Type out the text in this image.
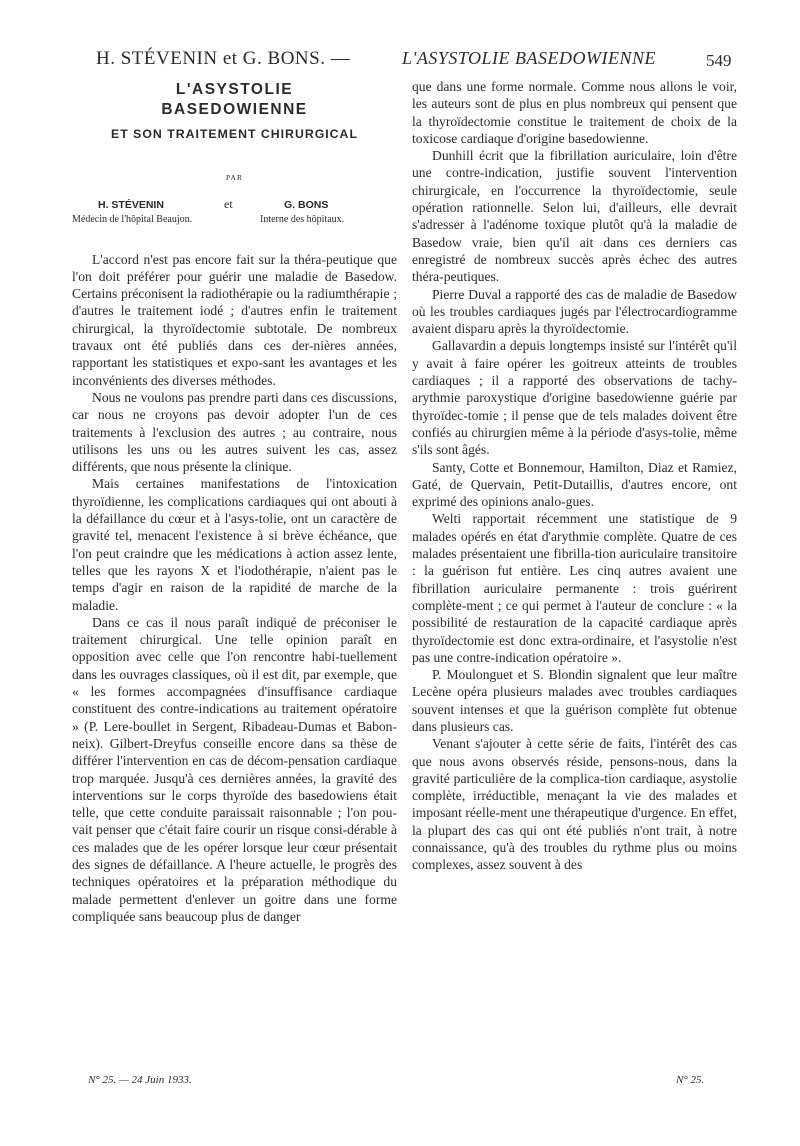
H. STÉVENIN et G. BONS. —	L'ASYSTOLIE BASEDOWIENNE	549
L'ASYSTOLIE
BASEDOWIENNE
ET SON TRAITEMENT CHIRURGICAL
PAR
H. STÉVENIN	et	G. BONS
Médecin de l'hôpital Beaujon.	Interne des hôpitaux.

L'accord n'est pas encore fait sur la théra-peutique que l'on doit préférer pour guérir une maladie de Basedow. Certains préconisent la radiothérapie ou la radiumthérapie ; d'autres le traitement iodé ; d'autres enfin le traitement chirurgical, la thyroïdectomie subtotale. De nombreux travaux ont été publiés dans ces der-nières années, rapportant les statistiques et expo-sant les avantages et les inconvénients des diverses méthodes.

Nous ne voulons pas prendre parti dans ces discussions, car nous ne croyons pas devoir adopter l'un de ces traitements à l'exclusion des autres ; au contraire, nous utilisons les uns ou les autres suivent les cas, assez différents, que nous présente la clinique.

Mais certaines manifestations de l'intoxication thyroïdienne, les complications cardiaques qui ont abouti à la défaillance du cœur et à l'asys-tolie, ont un caractère de gravité tel, menacent l'existence à si brève échéance, que l'on peut craindre que les médications à action assez lente, telles que les rayons X et l'iodothérapie, n'aient pas le temps d'agir en raison de la rapidité de marche de la maladie.

Dans ce cas il nous paraît indiqué de préconiser le traitement chirurgical. Une telle opinion paraît en opposition avec celle que l'on rencontre habi-tuellement dans les ouvrages classiques, où il est dit, par exemple, que « les formes accompagnées d'insuffisance cardiaque constituent des contre-indications au traitement opératoire » (P. Lere-boullet in Sergent, Ribadeau-Dumas et Babon-neix). Gilbert-Dreyfus conseille encore dans sa thèse de différer l'intervention en cas de décom-pensation cardiaque trop marquée. Jusqu'à ces dernières années, la gravité des interventions sur le corps thyroïde des basedowiens était telle, que cette conduite paraissait raisonnable ; l'on pou-vait penser que c'était faire courir un risque consi-dérable à ces malades que de les opérer lorsque leur cœur présentait des signes de défaillance. A l'heure actuelle, le progrès des techniques opératoires et la préparation méthodique du malade permettent d'enlever un goitre dans une forme compliquée sans beaucoup plus de danger

que dans une forme normale. Comme nous allons le voir, les auteurs sont de plus en plus nombreux qui pensent que la thyroïdectomie constitue le traitement de choix de la toxicose cardiaque d'origine basedowienne.

Dunhill écrit que la fibrillation auriculaire, loin d'être une contre-indication, justifie souvent l'intervention chirurgicale, en l'occurrence la thyroïdectomie, seule opération rationnelle. Selon lui, d'ailleurs, elle devrait s'adresser à l'adénome toxique plutôt qu'à la maladie de Basedow vraie, bien qu'il ait dans ces derniers cas enregistré de nombreux succès après échec des autres théra-peutiques.

Pierre Duval a rapporté des cas de maladie de Basedow où les troubles cardiaques jugés par l'électrocardiogramme avaient disparu après la thyroïdectomie.

Gallavardin a depuis longtemps insisté sur l'intérêt qu'il y avait à faire opérer les goitreux atteints de troubles cardiaques ; il a rapporté des observations de tachy-arythmie paroxystique d'origine basedowienne guérie par thyroïdec-tomie ; il pense que de tels malades doivent être confiés au chirurgien même à la période d'asys-tolie, même s'ils sont âgés.

Santy, Cotte et Bonnemour, Hamilton, Diaz et Ramiez, Gaté, de Quervain, Petit-Dutaillis, d'autres encore, ont exprimé des opinions analo-gues.

Welti rapportait récemment une statistique de 9 malades opérés en état d'arythmie complète. Quatre de ces malades présentaient une fibrilla-tion auriculaire transitoire : la guérison fut entière. Les cinq autres avaient une fibrillation auriculaire permanente : trois guérirent complète-ment ; ce qui permet à l'auteur de conclure : « la possibilité de restauration de la capacité cardiaque après thyroïdectomie est donc extra-ordinaire, et l'asystolie n'est pas une contre-indication opératoire ».

P. Moulonguet et S. Blondin signalent que leur maître Lecène opéra plusieurs malades avec troubles cardiaques souvent intenses et que la guérison complète fut obtenue dans plusieurs cas.

Venant s'ajouter à cette série de faits, l'intérêt des cas que nous avons observés réside, pensons-nous, dans la gravité particulière de la complica-tion cardiaque, asystolie complète, irréductible, menaçant la vie des malades et imposant réelle-ment une thérapeutique d'urgence. En effet, la plupart des cas qui ont été publiés n'ont trait, à notre connaissance, qu'à des troubles du rythme plus ou moins complexes, assez souvent à des

N° 25. — 24 Juin 1933.	N° 25.
